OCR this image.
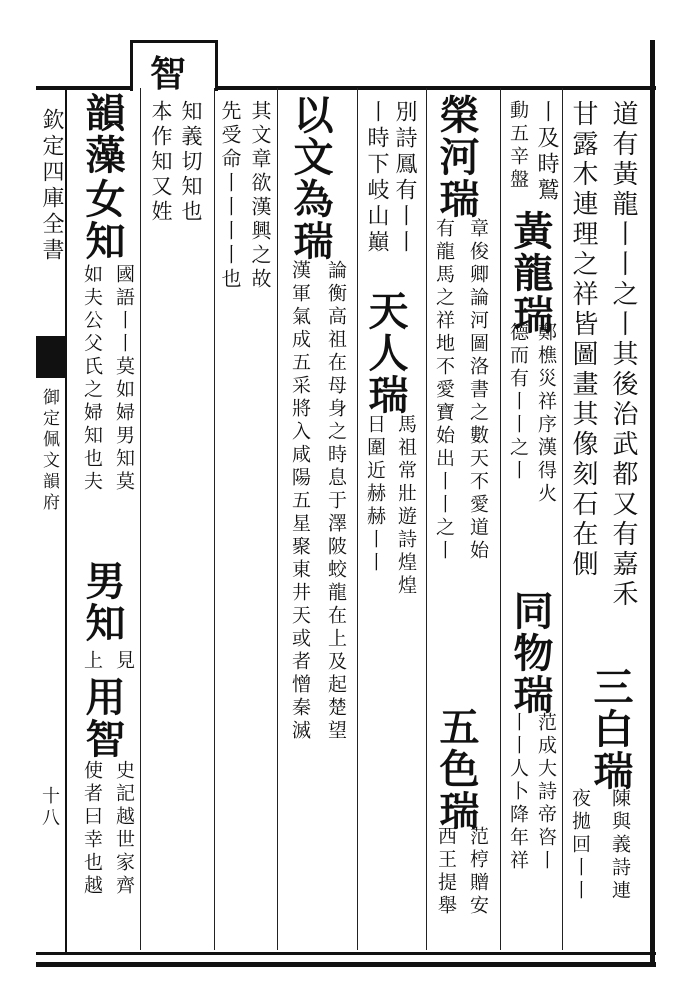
智
欽定四庫全書
御定佩文韻府
十八
道有黃龍丨丨之丨其後治武都又有嘉禾
甘露木連理之祥皆圖畫其像刻石在側
丨及時鷲
黃龍瑞
鄭樵災祥序漢得火
同物瑞
范成大詩帝咨丨
動五辛盤
德而有丨丨之丨
丨丨人卜降年祥 三白瑞
陳與義詩連
夜拋回丨丨
榮河瑞
章俊卿論河圖洛書之數天不愛道始
有龍馬之祥地不愛寶始出丨丨之丨
五色瑞
范梈贈安
西王提舉
別詩鳳有丨丨
天人瑞
馬祖常壯遊詩煌煌
丨時下岐山巔
日圍近赫赫丨丨
以文為瑞
論衡高祖在母身之時息于澤陂蛟龍在上及起楚望
漢軍氣成五采將入咸陽五星聚東井天或者憎秦滅
其文章欲漢興之故
先受命丨丨丨丨也
知義切知也
本作知又姓
韻藻
女知
國語丨丨莫如婦男知莫
男知
見
如夫公父氏之婦知也夫
上
用智
史記越世家齊
使者曰幸也越
